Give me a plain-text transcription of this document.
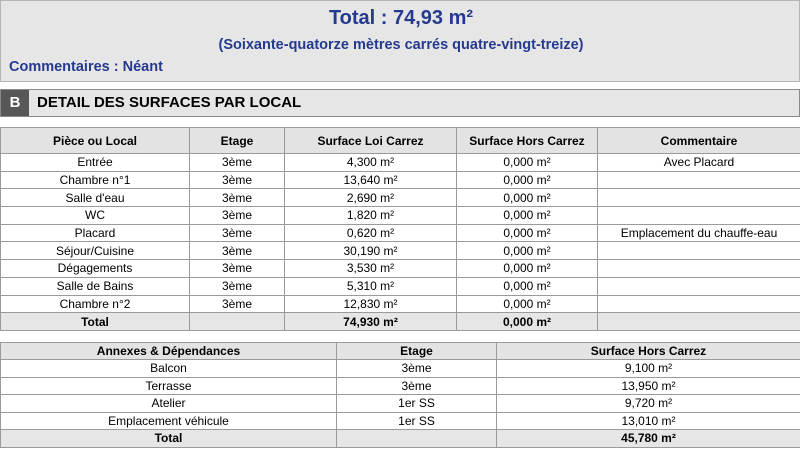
Total : 74,93 m²
(Soixante-quatorze mètres carrés quatre-vingt-treize)
Commentaires : Néant
B	DETAIL DES SURFACES PAR LOCAL
Pièce ou Local	Etage	Surface Loi Carrez	Surface Hors Carrez	Commentaire
Entrée	3ème	4,300 m²	0,000 m²	Avec Placard
Chambre n°1	3ème	13,640 m²	0,000 m²	
Salle d'eau	3ème	2,690 m²	0,000 m²	
WC	3ème	1,820 m²	0,000 m²	
Placard	3ème	0,620 m²	0,000 m²	Emplacement du chauffe-eau
Séjour/Cuisine	3ème	30,190 m²	0,000 m²	
Dégagements	3ème	3,530 m²	0,000 m²	
Salle de Bains	3ème	5,310 m²	0,000 m²	
Chambre n°2	3ème	12,830 m²	0,000 m²	
Total		74,930 m²	0,000 m²	
Annexes & Dépendances	Etage	Surface Hors Carrez
Balcon	3ème	9,100 m²
Terrasse	3ème	13,950 m²
Atelier	1er SS	9,720 m²
Emplacement véhicule	1er SS	13,010 m²
Total		45,780 m²
